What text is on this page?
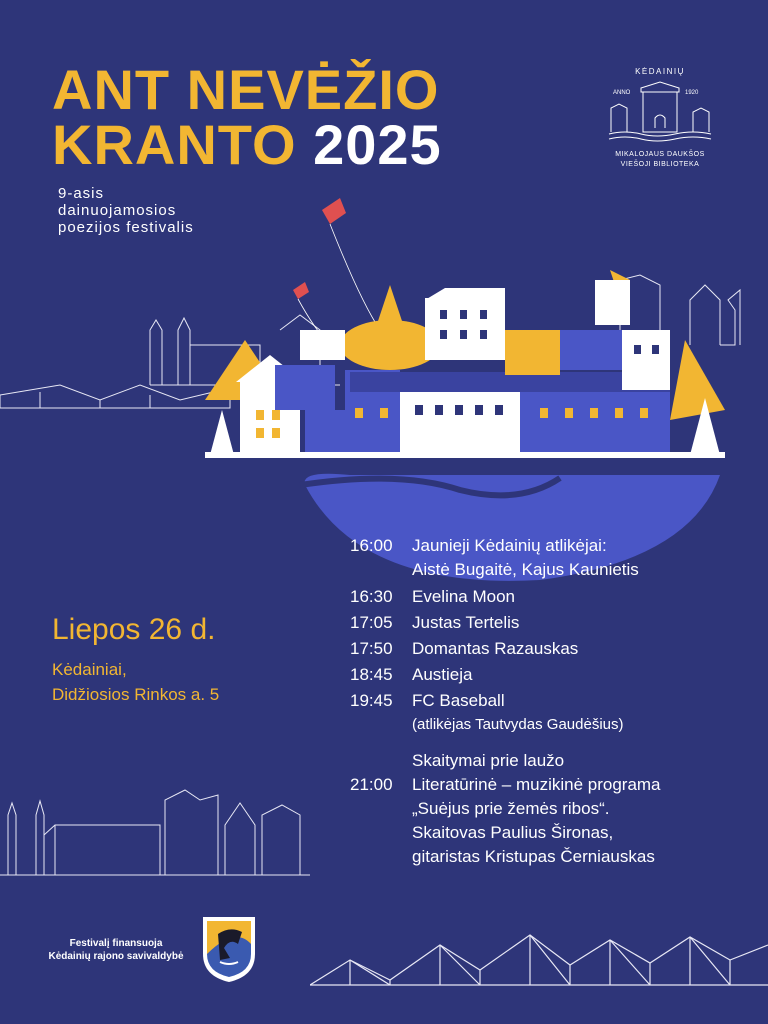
ANT NEVĖŽIO
KRANTO 2025
9-asis
dainuojamosios
poezijos festivalis
KĖDAINIŲ
ANNO	1920
MIKALOJAUS DAUKŠOS
VIEŠOJI BIBLIOTEKA
Liepos 26 d.
Kėdainiai,
Didžiosios Rinkos a. 5
16:00	Jaunieji Kėdainių atlikėjai:
Aistė Bugaitė, Kajus Kaunietis
16:30	Evelina Moon
17:05	Justas Tertelis
17:50	Domantas Razauskas
18:45	Austieja
19:45	FC Baseball
(atlikėjas Tautvydas Gaudėšius)
Skaitymai prie laužo
21:00	Literatūrinė – muzikinė programa
„Suėjus prie žemės ribos“.
Skaitovas Paulius Šironas,
gitaristas Kristupas Černiauskas
Festivalį finansuoja
Kėdainių rajono savivaldybė
